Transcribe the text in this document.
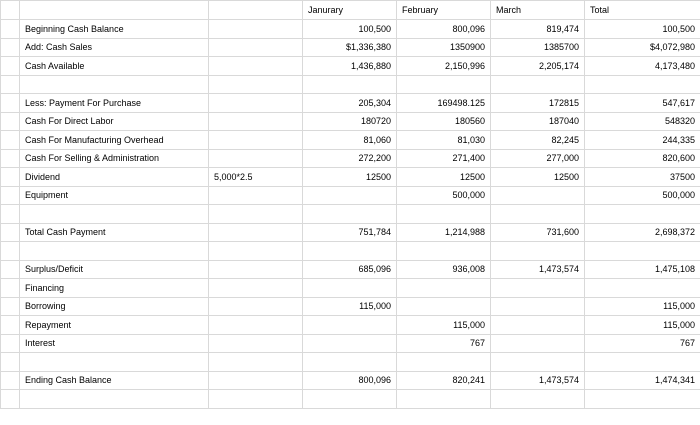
			Janurary	February	March	Total
	Beginning Cash Balance		100,500	800,096	819,474	100,500
	Add: Cash Sales		$1,336,380	1350900	1385700	$4,072,980
	Cash Available		1,436,880	2,150,996	2,205,174	4,173,480

	Less: Payment For Purchase		205,304	169498.125	172815	547,617
	Cash For Direct Labor		180720	180560	187040	548320
	Cash For Manufacturing Overhead		81,060	81,030	82,245	244,335
	Cash For Selling & Administration		272,200	271,400	277,000	820,600
	Dividend	5,000*2.5	12500	12500	12500	37500
	Equipment			500,000		500,000

	Total Cash Payment		751,784	1,214,988	731,600	2,698,372

	Surplus/Deficit		685,096	936,008	1,473,574	1,475,108
	Financing					
	Borrowing		115,000			115,000
	Repayment			115,000		115,000
	Interest			767		767

	Ending Cash Balance		800,096	820,241	1,473,574	1,474,341
